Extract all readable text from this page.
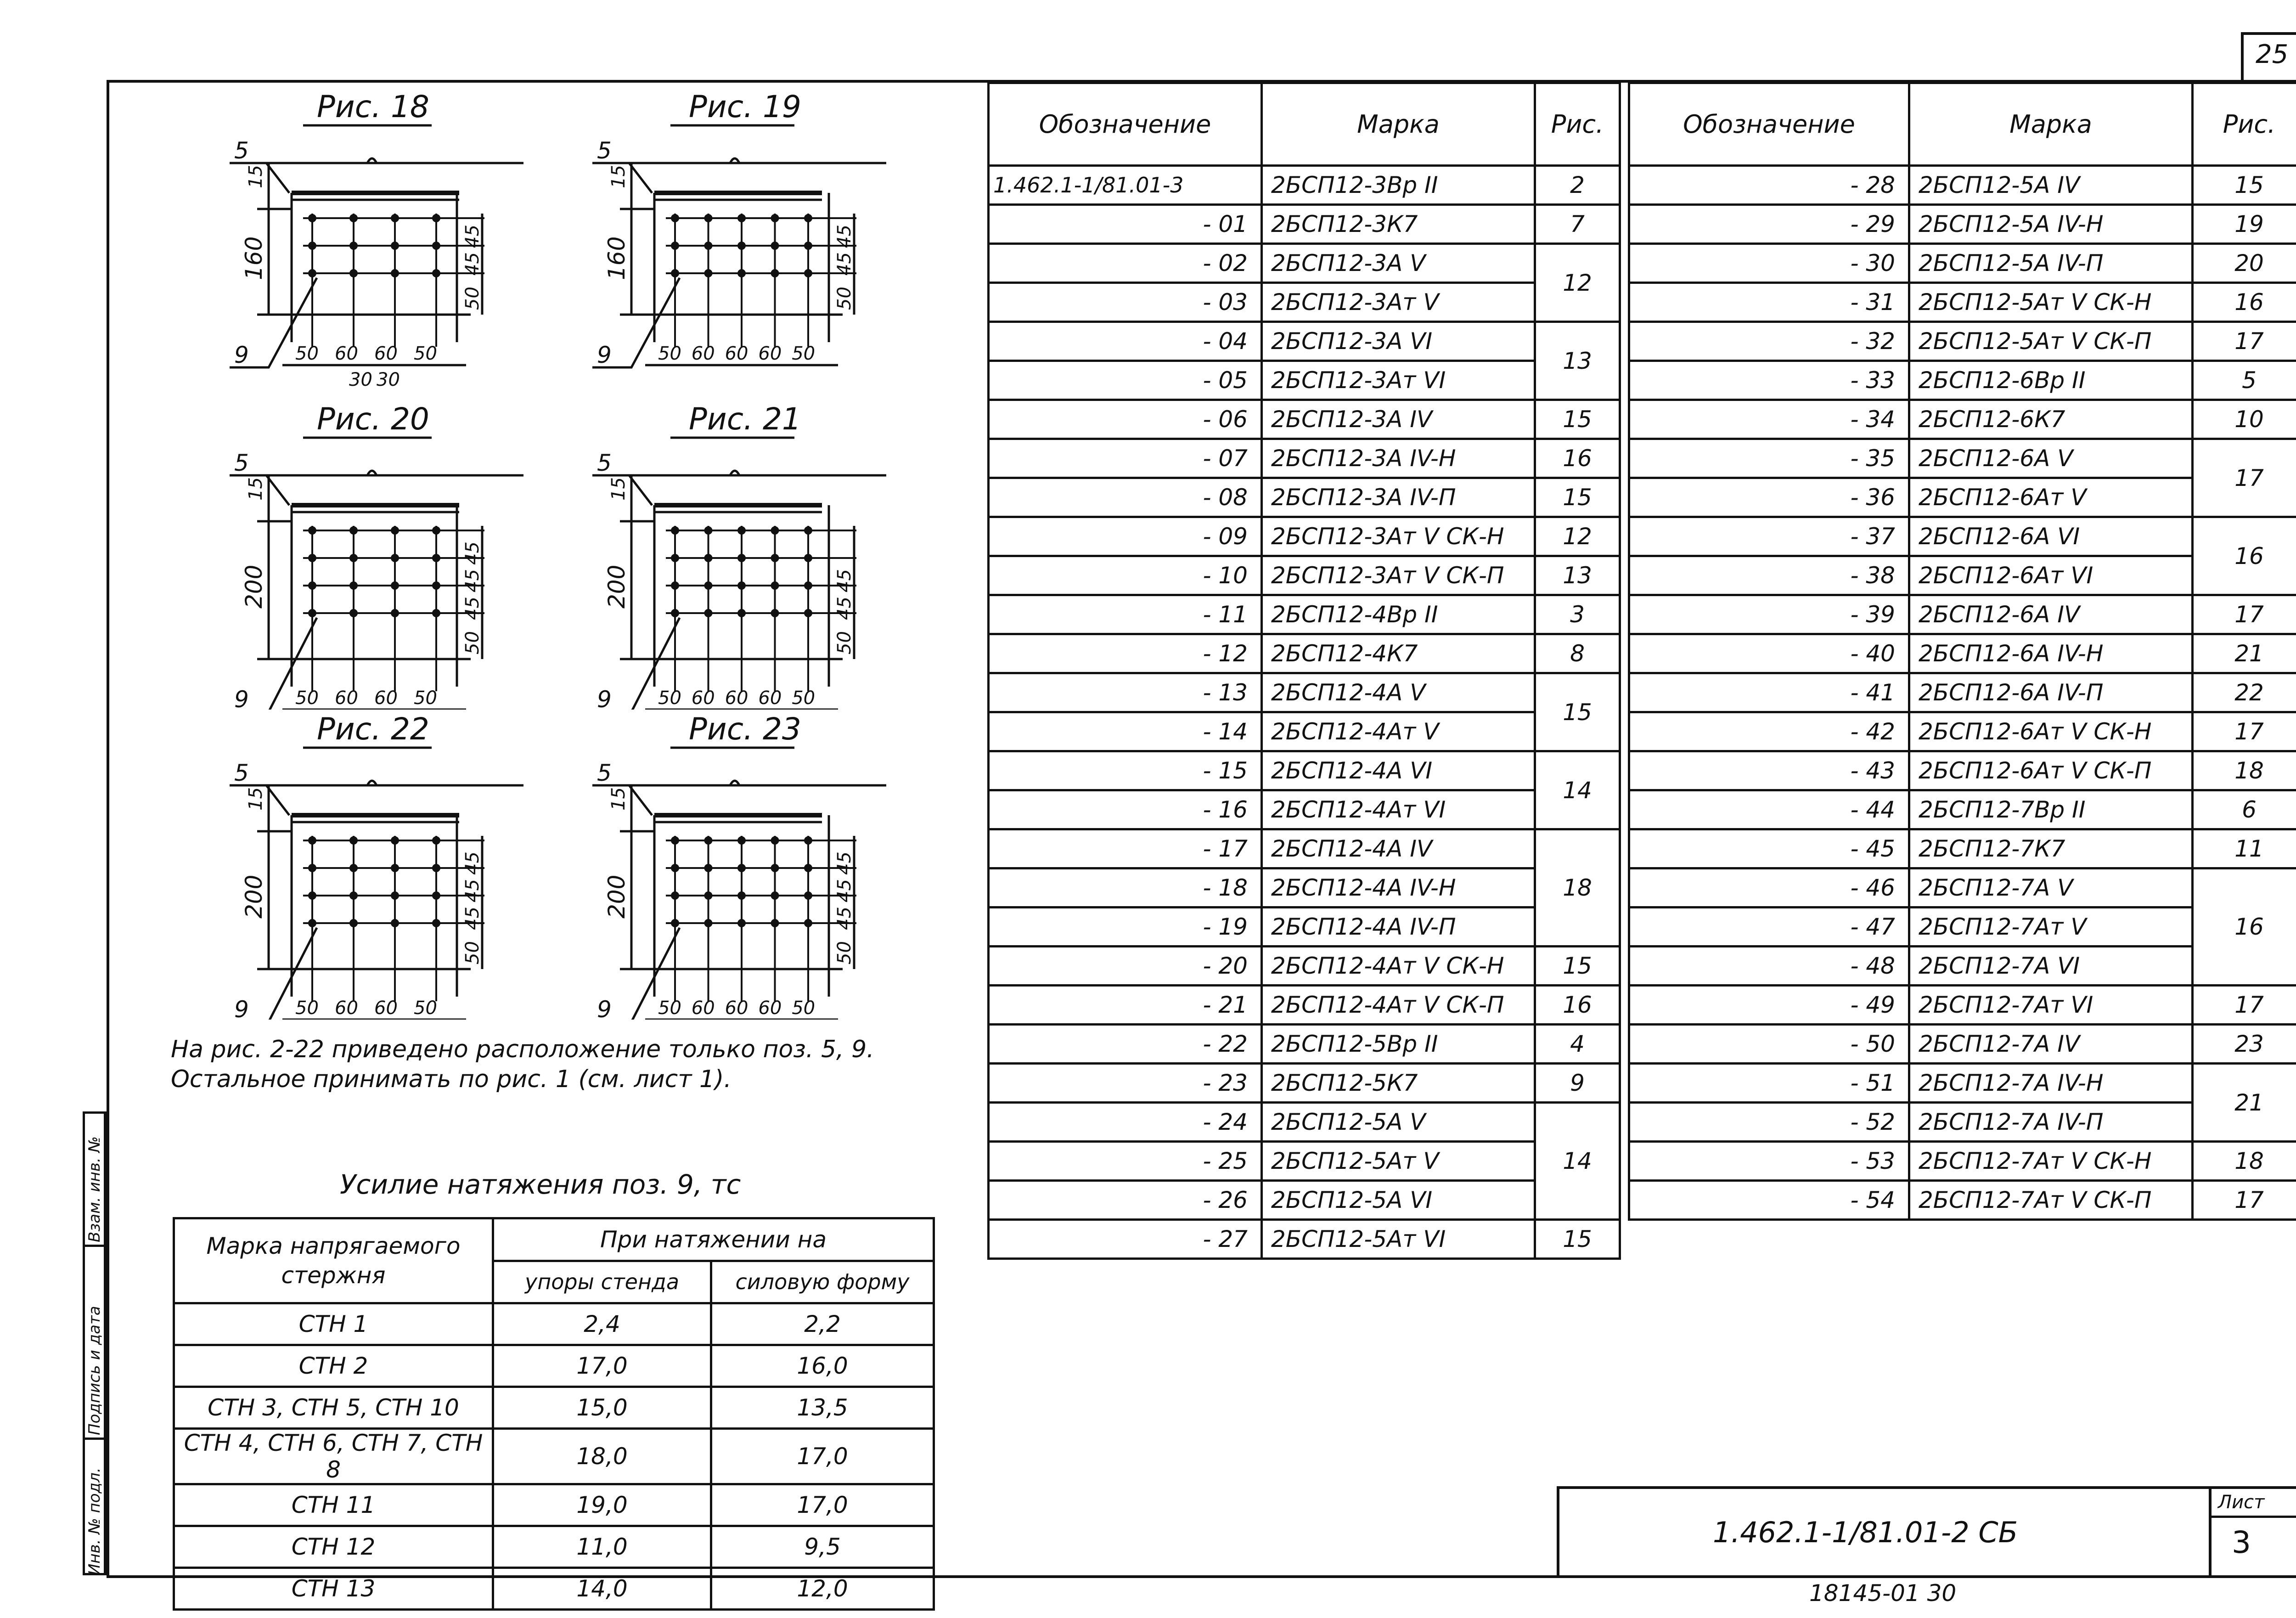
25
Инв. № подл.
Подпись и дата
Взам. инв. №
Рис. 18
5
15
160
50
45
45
9	50 60 60 50
30 30
Рис. 19
5
15
160
50
45
45
9	50 60 60 60 50
Рис. 20
5
15
200
50
45
45
45
9	50 60 60 50
Рис. 21
5
15
200
50
45
45
9	50 60 60 60 50
Рис. 22
5
15
200
50
45
45
45
9	50 60 60 50
Рис. 23
5
15
200
50
45
45
45
9	50 60 60 60 50
На рис. 2-22 приведено расположение только поз. 5, 9.
Остальное принимать по рис. 1 (см. лист 1).
Усилие натяжения поз. 9, тс
Марка напрягаемого стержня	При натяжении на	
	упоры стенда	силовую форму
СТН 1	2,4	2,2
СТН 2	17,0	16,0
СТН 3, СТН 5, СТН 10	15,0	13,5
СТН 4, СТН 6, СТН 7, СТН 8	18,0	17,0
СТН 11	19,0	17,0
СТН 12	11,0	9,5
СТН 13	14,0	12,0
Обозначение	Марка	Рис.
1.462.1-1/81.01-3	2БСП12-3Вр II	2
- 01	2БСП12-3К7	7
- 02	2БСП12-3А V	12
- 03	2БСП12-3Ат V	
- 04	2БСП12-3А VI	13
- 05	2БСП12-3Ат VI	
- 06	2БСП12-3А IV	15
- 07	2БСП12-3А IV-Н	16
- 08	2БСП12-3А IV-П	15
- 09	2БСП12-3Ат V СК-Н	12
- 10	2БСП12-3Ат V СК-П	13
- 11	2БСП12-4Вр II	3
- 12	2БСП12-4К7	8
- 13	2БСП12-4А V	15
- 14	2БСП12-4Ат V	
- 15	2БСП12-4А VI	14
- 16	2БСП12-4Ат VI	
- 17	2БСП12-4А IV	18
- 18	2БСП12-4А IV-Н	
- 19	2БСП12-4А IV-П	
- 20	2БСП12-4Ат V СК-Н	15
- 21	2БСП12-4Ат V СК-П	16
- 22	2БСП12-5Вр II	4
- 23	2БСП12-5К7	9
- 24	2БСП12-5А V	14
- 25	2БСП12-5Ат V	
- 26	2БСП12-5А VI	
- 27	2БСП12-5Ат VI	15
Обозначение	Марка	Рис.
- 28	2БСП12-5А IV	15
- 29	2БСП12-5А IV-Н	19
- 30	2БСП12-5А IV-П	20
- 31	2БСП12-5Ат V СК-Н	16
- 32	2БСП12-5Ат V СК-П	17
- 33	2БСП12-6Вр II	5
- 34	2БСП12-6К7	10
- 35	2БСП12-6А V	17
- 36	2БСП12-6Ат V	
- 37	2БСП12-6А VI	16
- 38	2БСП12-6Ат VI	
- 39	2БСП12-6А IV	17
- 40	2БСП12-6А IV-Н	21
- 41	2БСП12-6А IV-П	22
- 42	2БСП12-6Ат V СК-Н	17
- 43	2БСП12-6Ат V СК-П	18
- 44	2БСП12-7Вр II	6
- 45	2БСП12-7К7	11
- 46	2БСП12-7А V	16
- 47	2БСП12-7Ат V	
- 48	2БСП12-7А VI	
- 49	2БСП12-7Ат VI	17
- 50	2БСП12-7А IV	23
- 51	2БСП12-7А IV-Н	21
- 52	2БСП12-7А IV-П	
- 53	2БСП12-7Ат V СК-Н	18
- 54	2БСП12-7Ат V СК-П	17
1.462.1-1/81.01-2 СБ
Лист
3
18145-01 30
